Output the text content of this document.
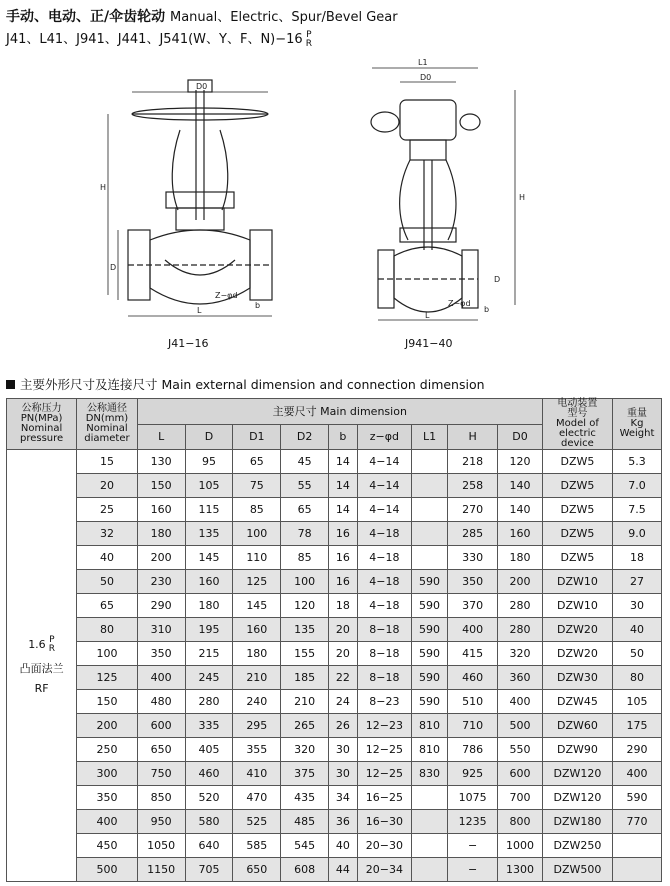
手动、电动、正/伞齿轮动 Manual、Electric、Spur/Bevel Gear
J41、L41、J941、J441、J541(W、Y、F、N)−16 P
R
D0
H
L
Z−φd
b
D
L1
D0
H
L
Z−φd
b
D
J41−16	J941−40
主要外形尺寸及连接尺寸 Main external dimension and connection dimension
公称压力
PN(MPa)
Nominal
pressure	公称通径
DN(mm)
Nominal
diameter	主要尺寸 Main dimension									电动装置
型号
Model of
electric device	重量
Kg
Weight
		L	D	D1	D2	b	z−φd	L1	H	D0		

1.6 P
R
凸面法兰
RF	15	130	95	65	45	14	4−14		218	120	DZW5	5.3
	20	150	105	75	55	14	4−14		258	140	DZW5	7.0
	25	160	115	85	65	14	4−14		270	140	DZW5	7.5
	32	180	135	100	78	16	4−18		285	160	DZW5	9.0
	40	200	145	110	85	16	4−18		330	180	DZW5	18
	50	230	160	125	100	16	4−18	590	350	200	DZW10	27
	65	290	180	145	120	18	4−18	590	370	280	DZW10	30
	80	310	195	160	135	20	8−18	590	400	280	DZW20	40
	100	350	215	180	155	20	8−18	590	415	320	DZW20	50
	125	400	245	210	185	22	8−18	590	460	360	DZW30	80
	150	480	280	240	210	24	8−23	590	510	400	DZW45	105
	200	600	335	295	265	26	12−23	810	710	500	DZW60	175
	250	650	405	355	320	30	12−25	810	786	550	DZW90	290
	300	750	460	410	375	30	12−25	830	925	600	DZW120	400
	350	850	520	470	435	34	16−25		1075	700	DZW120	590
	400	950	580	525	485	36	16−30		1235	800	DZW180	770
	450	1050	640	585	545	40	20−30		−	1000	DZW250	
	500	1150	705	650	608	44	20−34		−	1300	DZW500	
